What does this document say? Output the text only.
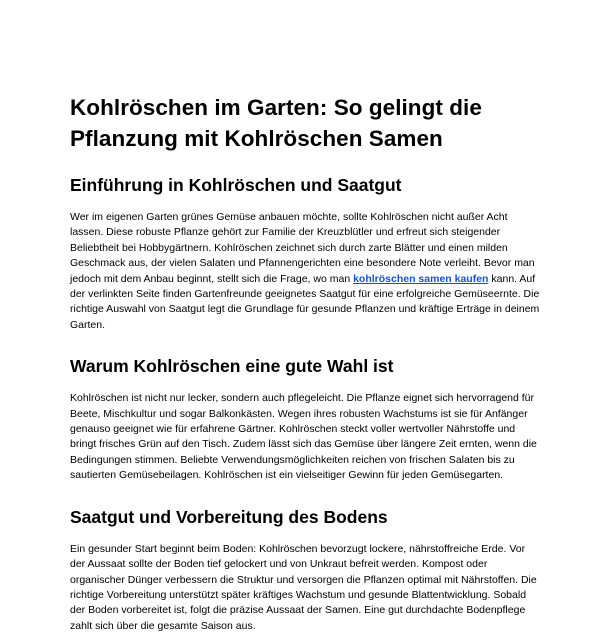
Kohlröschen im Garten: So gelingt die Pflanzung mit Kohlröschen Samen
Einführung in Kohlröschen und Saatgut

Wer im eigenen Garten grünes Gemüse anbauen möchte, sollte Kohlröschen nicht außer Acht lassen. Diese robuste Pflanze gehört zur Familie der Kreuzblütler und erfreut sich steigender Beliebtheit bei Hobbygärtnern. Kohlröschen zeichnet sich durch zarte Blätter und einen milden Geschmack aus, der vielen Salaten und Pfannengerichten eine besondere Note verleiht. Bevor man jedoch mit dem Anbau beginnt, stellt sich die Frage, wo man kohlröschen samen kaufen kann. Auf der verlinkten Seite finden Gartenfreunde geeignetes Saatgut für eine erfolgreiche Gemüseernte. Die richtige Auswahl von Saatgut legt die Grundlage für gesunde Pflanzen und kräftige Erträge in deinem Garten.

Warum Kohlröschen eine gute Wahl ist

Kohlröschen ist nicht nur lecker, sondern auch pflegeleicht. Die Pflanze eignet sich hervorragend für Beete, Mischkultur und sogar Balkonkästen. Wegen ihres robusten Wachstums ist sie für Anfänger genauso geeignet wie für erfahrene Gärtner. Kohlröschen steckt voller wertvoller Nährstoffe und bringt frisches Grün auf den Tisch. Zudem lässt sich das Gemüse über längere Zeit ernten, wenn die Bedingungen stimmen. Beliebte Verwendungsmöglichkeiten reichen von frischen Salaten bis zu sautierten Gemüsebeilagen. Kohlröschen ist ein vielseitiger Gewinn für jeden Gemüsegarten.

Saatgut und Vorbereitung des Bodens

Ein gesunder Start beginnt beim Boden: Kohlröschen bevorzugt lockere, nährstoffreiche Erde. Vor der Aussaat sollte der Boden tief gelockert und von Unkraut befreit werden. Kompost oder organischer Dünger verbessern die Struktur und versorgen die Pflanzen optimal mit Nährstoffen. Die richtige Vorbereitung unterstützt später kräftiges Wachstum und gesunde Blattentwicklung. Sobald der Boden vorbereitet ist, folgt die präzise Aussaat der Samen. Eine gut durchdachte Bodenpflege zahlt sich über die gesamte Saison aus.
